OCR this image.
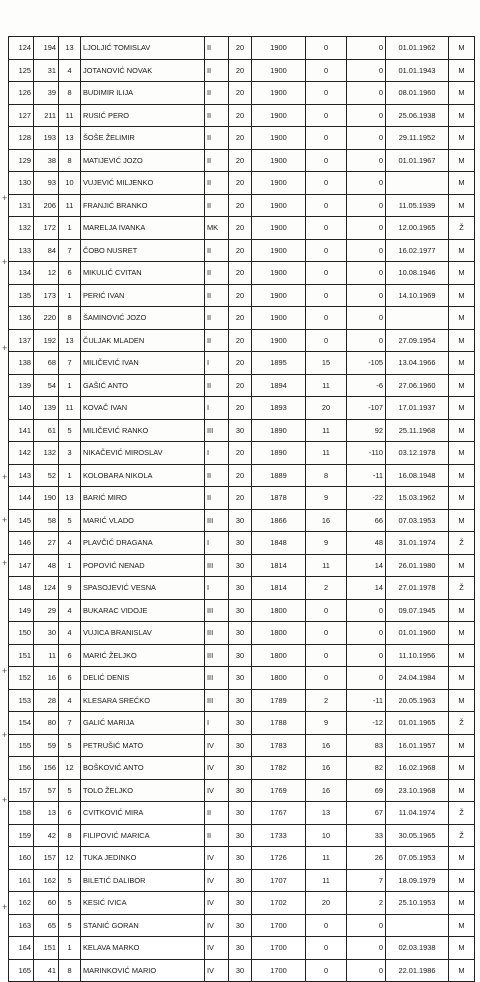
+
+
+
+
+
+
+
+
+
+
124	194	13	LJOLJIĆ TOMISLAV	II	20	1900	0	0	01.01.1962	M
125	31	4	JOTANOVIĆ NOVAK	II	20	1900	0	0	01.01.1943	M
126	39	8	BUDIMIR ILIJA	II	20	1900	0	0	08.01.1960	M
127	211	11	RUSIĆ PERO	II	20	1900	0	0	25.06.1938	M
128	193	13	ŠOŠE ŽELIMIR	II	20	1900	0	0	29.11.1952	M
129	38	8	MATIJEVIĆ JOZO	II	20	1900	0	0	01.01.1967	M
130	93	10	VUJEVIĆ MILJENKO	II	20	1900	0	0		M
131	206	11	FRANJIĆ BRANKO	II	20	1900	0	0	11.05.1939	M
132	172	1	MARELJA IVANKA	MK	20	1900	0	0	12.00.1965	Ž
133	84	7	ČOBO NUSRET	II	20	1900	0	0	16.02.1977	M
134	12	6	MIKULIĆ CVITAN	II	20	1900	0	0	10.08.1946	M
135	173	1	PERIĆ IVAN	II	20	1900	0	0	14.10.1969	M
136	220	8	ŠAMINOVIĆ JOZO	II	20	1900	0	0		M
137	192	13	ČULJAK MLADEN	II	20	1900	0	0	27.09.1954	M
138	68	7	MILIČEVIĆ IVAN	I	20	1895	15	-105	13.04.1966	M
139	54	1	GAŠIĆ ANTO	II	20	1894	11	-6	27.06.1960	M
140	139	11	KOVAČ IVAN	I	20	1893	20	-107	17.01.1937	M
141	61	5	MILIČEVIĆ RANKO	III	30	1890	11	92	25.11.1968	M
142	132	3	NIKAČEVIĆ MIROSLAV	I	20	1890	11	-110	03.12.1978	M
143	52	1	KOLOBARA NIKOLA	II	20	1889	8	-11	16.08.1948	M
144	190	13	BARIĆ MIRO	II	20	1878	9	-22	15.03.1962	M
145	58	5	MARIĆ VLADO	III	30	1866	16	66	07.03.1953	M
146	27	4	PLAVČIĆ DRAGANA	I	30	1848	9	48	31.01.1974	Ž
147	48	1	POPOVIĆ NENAD	III	30	1814	11	14	26.01.1980	M
148	124	9	SPASOJEVIĆ VESNA	I	30	1814	2	14	27.01.1978	Ž
149	29	4	BUKARAC VIDOJE	III	30	1800	0	0	09.07.1945	M
150	30	4	VUJICA BRANISLAV	III	30	1800	0	0	01.01.1960	M
151	11	6	MARIĆ ŽELJKO	III	30	1800	0	0	11.10.1956	M
152	16	6	DELIĆ DENIS	III	30	1800	0	0	24.04.1984	M
153	28	4	KLESARA SREĆKO	III	30	1789	2	-11	20.05.1963	M
154	80	7	GALIĆ MARIJA	I	30	1788	9	-12	01.01.1965	Ž
155	59	5	PETRUŠIĆ MATO	IV	30	1783	16	83	16.01.1957	M
156	156	12	BOŠKOVIĆ ANTO	IV	30	1782	16	82	16.02.1968	M
157	57	5	TOLO ŽELJKO	IV	30	1769	16	69	23.10.1968	M
158	13	6	CVITKOVIĆ MIRA	II	30	1767	13	67	11.04.1974	Ž
159	42	8	FILIPOVIĆ MARICA	II	30	1733	10	33	30.05.1965	Ž
160	157	12	TUKA JEDINKO	IV	30	1726	11	26	07.05.1953	M
161	162	5	BILETIĆ DALIBOR	IV	30	1707	11	7	18.09.1979	M
162	60	5	KESIĆ IVICA	IV	30	1702	20	2	25.10.1953	M
163	65	5	STANIĆ GORAN	IV	30	1700	0	0		M
164	151	1	KELAVA MARKO	IV	30	1700	0	0	02.03.1938	M
165	41	8	MARINKOVIĆ MARIO	IV	30	1700	0	0	22.01.1986	M
